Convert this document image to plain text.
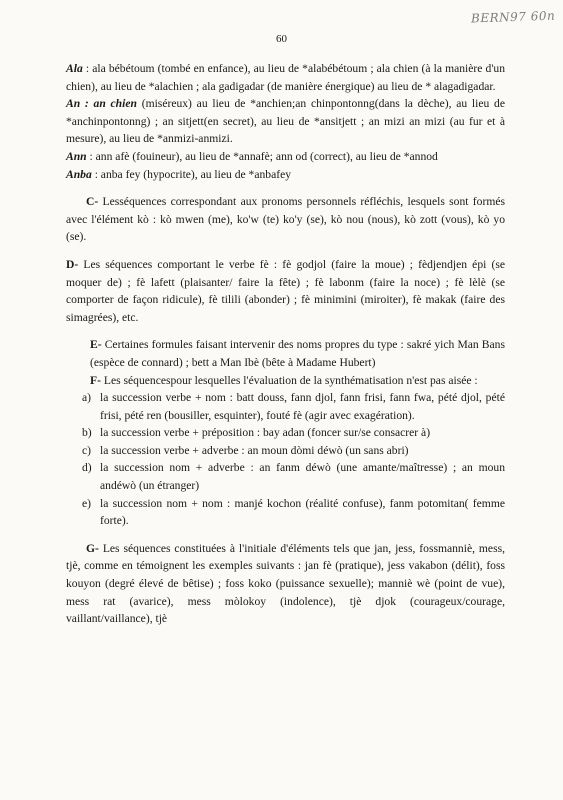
BERN97 60n
60

Ala : ala bébétoum (tombé en enfance), au lieu de *alabébétoum ; ala chien (à la manière d'un chien), au lieu de *alachien ; ala gadigadar (de manière énergique) au lieu de * alagadigadar.

An : an chien (miséreux) au lieu de *anchien;an chinpontonng(dans la dèche), au lieu de *anchinpontonng) ; an sitjett(en secret), au lieu de *ansitjett ; an mizi an mizi (au fur et à mesure), au lieu de *anmizi-anmizi.

Ann : ann afè (fouineur), au lieu de *annafè; ann od (correct), au lieu de *annod

Anba : anba fey (hypocrite), au lieu de *anbafey

C- Lesséquences correspondant aux pronoms personnels réfléchis, lesquels sont formés avec l'élément kò : kò mwen (me), ko'w (te) ko'y (se), kò nou (nous), kò zott (vous), kò yo (se).

D- Les séquences comportant le verbe fè : fè godjol (faire la moue) ; fèdjendjen épi (se moquer de) ; fè lafett (plaisanter/ faire la fête) ; fè labonm (faire la noce) ; fè lèlè (se comporter de façon ridicule), fè tilili (abonder) ; fè minimini (miroiter), fè makak (faire des simagrées), etc.

E- Certaines formules faisant intervenir des noms propres du type : sakré yich Man Bans (espèce de connard) ; bett a Man Ibè (bête à Madame Hubert)

F- Les séquencespour lesquelles l'évaluation de la synthématisation n'est pas aisée :

a) la succession verbe + nom : batt douss, fann djol, fann frisi, fann fwa, pété djol, pété frisi, pété ren (bousiller, esquinter), fouté fè (agir avec exagération).

b) la succession verbe + préposition : bay adan (foncer sur/se consacrer à)

c) la succession verbe + adverbe : an moun dòmi déwò (un sans abri)

d) la succession nom + adverbe : an fanm déwò (une amante/maîtresse) ; an moun andéwò (un étranger)

e) la succession nom + nom : manjé kochon (réalité confuse), fanm potomitan( femme forte).

G- Les séquences constituées à l'initiale d'éléments tels que jan, jess, fossmanniè, mess, tjè, comme en témoignent les exemples suivants : jan fè (pratique), jess vakabon (délit), foss kouyon (degré élevé de bêtise) ; foss koko (puissance sexuelle); manniè wè (point de vue), mess rat (avarice), mess mòlokoy (indolence), tjè djok (courageux/courage, vaillant/vaillance), tjè
